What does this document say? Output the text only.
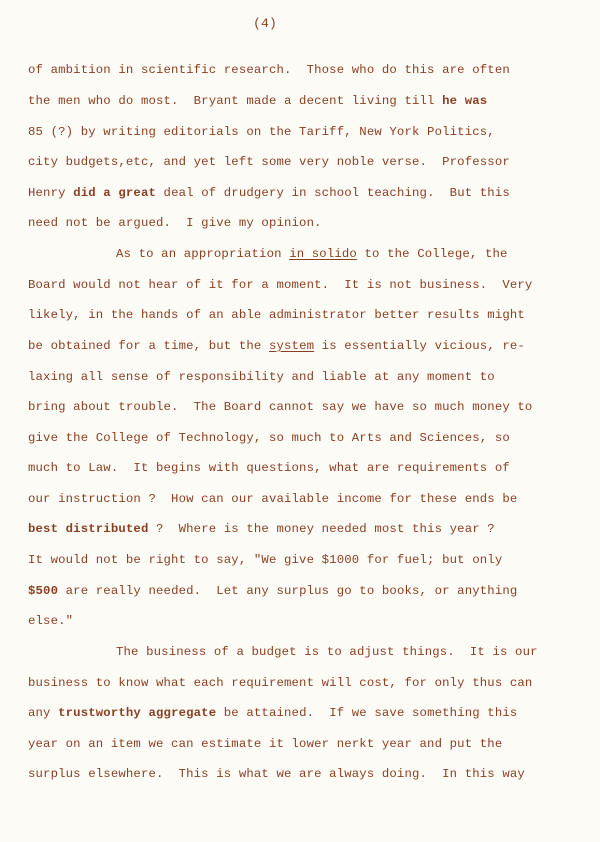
(4)
of ambition in scientific research.  Those who do this are often
the men who do most.  Bryant made a decent living till he was
85 (?) by writing editorials on the Tariff, New York Politics,
city budgets,etc, and yet left some very noble verse.  Professor
Henry did a great deal of drudgery in school teaching.  But this
need not be argued.  I give my opinion.
As to an appropriation in solido to the College, the
Board would not hear of it for a moment.  It is not business.  Very
likely, in the hands of an able administrator better results might
be obtained for a time, but the system is essentially vicious, re-
laxing all sense of responsibility and liable at any moment to
bring about trouble.  The Board cannot say we have so much money to
give the College of Technology, so much to Arts and Sciences, so
much to Law.  It begins with questions, what are requirements of
our instruction ?  How can our available income for these ends be
best distributed ?  Where is the money needed most this year ?
It would not be right to say, "We give $1000 for fuel; but only
$500 are really needed.  Let any surplus go to books, or anything
else."
The business of a budget is to adjust things.  It is our
business to know what each requirement will cost, for only thus can
any trustworthy aggregate be attained.  If we save something this
year on an item we can estimate it lower nerkt year and put the
surplus elsewhere.  This is what we are always doing.  In this way
